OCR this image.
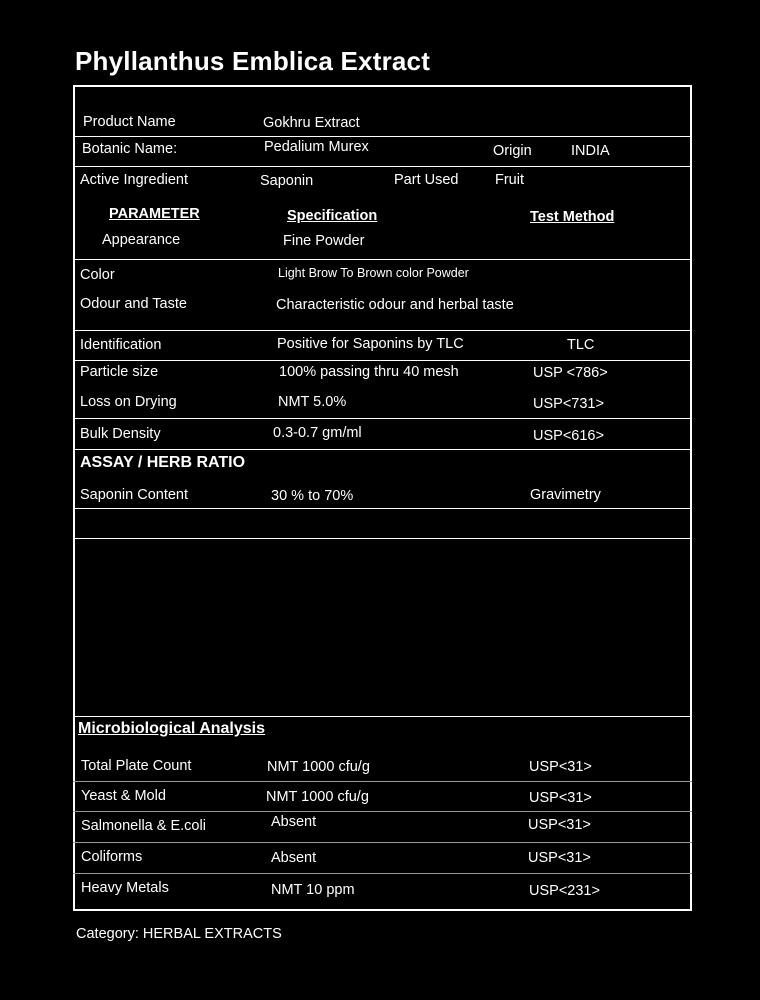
Phyllanthus Emblica Extract
Product Name	Gokhru Extract
Botanic Name:	Pedalium Murex	Origin	INDIA
Active Ingredient	Saponin	Part Used	Fruit
PARAMETER	Specification	Test Method
Appearance	Fine Powder
Color	Light Brow To Brown color Powder
Odour and Taste	Characteristic odour and herbal taste
Identification	Positive for Saponins by TLC	TLC
Particle size	100% passing thru 40 mesh	USP <786>
Loss on Drying	NMT 5.0%	USP<731>
Bulk Density	0.3-0.7 gm/ml	USP<616>
ASSAY / HERB RATIO
Saponin Content	30 % to 70%	Gravimetry
Microbiological Analysis
Total Plate Count	NMT 1000 cfu/g	USP<31>
Yeast & Mold	NMT 1000 cfu/g	USP<31>
Salmonella & E.coli	Absent	USP<31>
Coliforms	Absent	USP<31>
Heavy Metals	NMT 10 ppm	USP<231>
Category: HERBAL EXTRACTS
